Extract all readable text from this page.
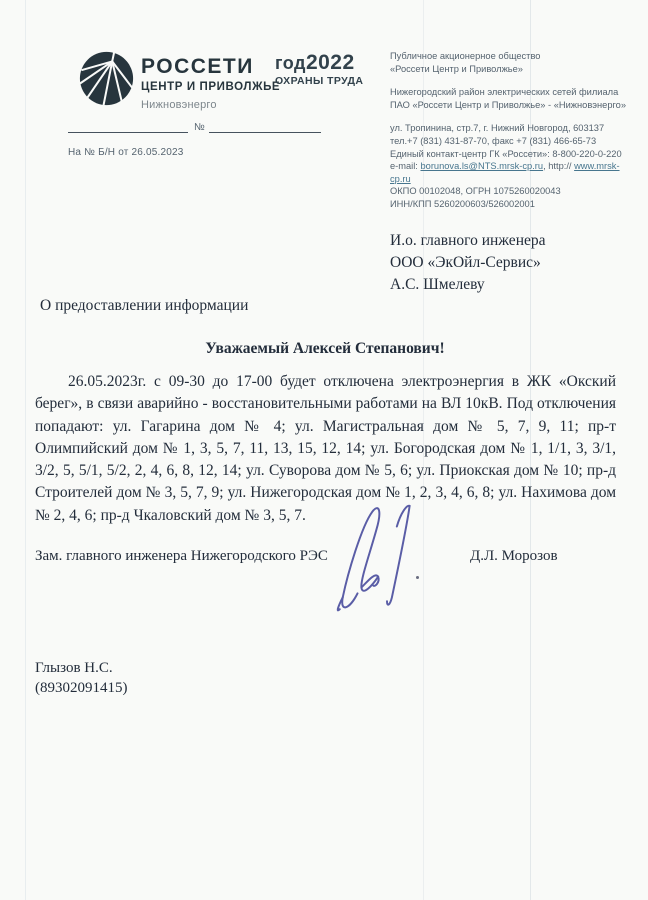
РОССЕТИ
ЦЕНТР И ПРИВОЛЖЬЕ
Нижновэнерго
год2022
ОХРАНЫ ТРУДА
Публичное акционерное общество
«Россети Центр и Приволжье»
Нижегородский район электрических сетей филиала
ПАО «Россети Центр и Приволжье» - «Нижновэнерго»
ул. Тропинина, стр.7, г. Нижний Новгород, 603137
тел.+7 (831) 431-87-70, факс +7 (831) 466-65-73
Единый контакт-центр ГК «Россети»: 8-800-220-0-220
e-mail: borunova.ls@NTS.mrsk-cp.ru, http:// www.mrsk-cp.ru
ОКПО 00102048, ОГРН 1075260020043
ИНН/КПП 5260200603/526002001
№
На № Б/Н от 26.05.2023
И.о. главного инженера
ООО «ЭкОйл-Сервис»
А.С. Шмелеву
О предоставлении информации
Уважаемый Алексей Степанович!
26.05.2023г. с 09-30 до 17-00 будет отключена электроэнергия в ЖК «Окский берег», в связи аварийно - восстановительными работами на ВЛ 10кВ. Под отключения попадают: ул. Гагарина дом № 4; ул. Магистральная дом № 5, 7, 9, 11; пр-т Олимпийский дом № 1, 3, 5, 7, 11, 13, 15, 12, 14; ул. Богородская дом № 1, 1/1, 3, 3/1, 3/2, 5, 5/1, 5/2, 2, 4, 6, 8, 12, 14; ул. Суворова дом № 5, 6; ул. Приокская дом № 10; пр-д Строителей дом № 3, 5, 7, 9; ул. Нижегородская дом № 1, 2, 3, 4, 6, 8; ул. Нахимова дом № 2, 4, 6; пр-д Чкаловский дом № 3, 5, 7.
Зам. главного инженера Нижегородского РЭС	Д.Л. Морозов
Глызов Н.С.
(89302091415)
